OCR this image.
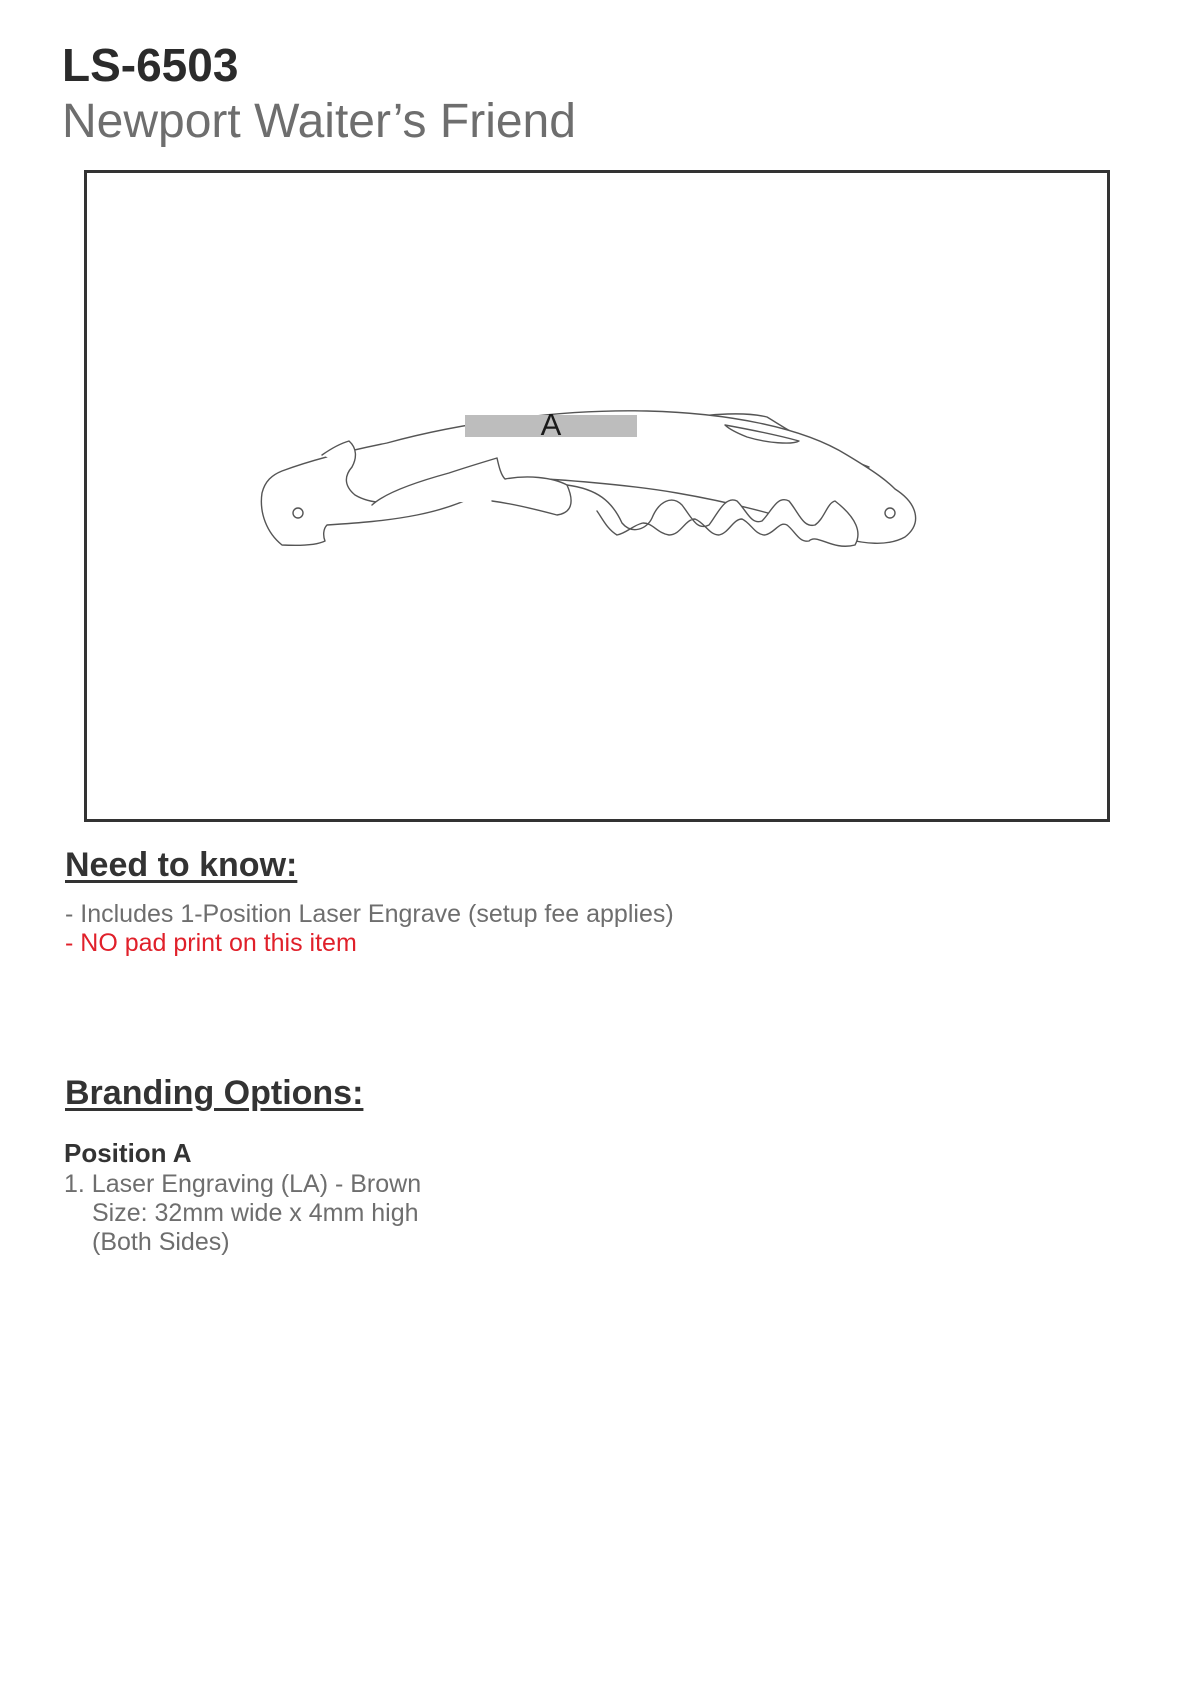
LS-6503
Newport Waiter’s Friend
A
Need to know:

- Includes 1-Position Laser Engrave (setup fee applies)

- NO pad print on this item

Branding Options:

Position A

1. Laser Engraving (LA) - Brown

Size: 32mm wide x 4mm high

(Both Sides)
